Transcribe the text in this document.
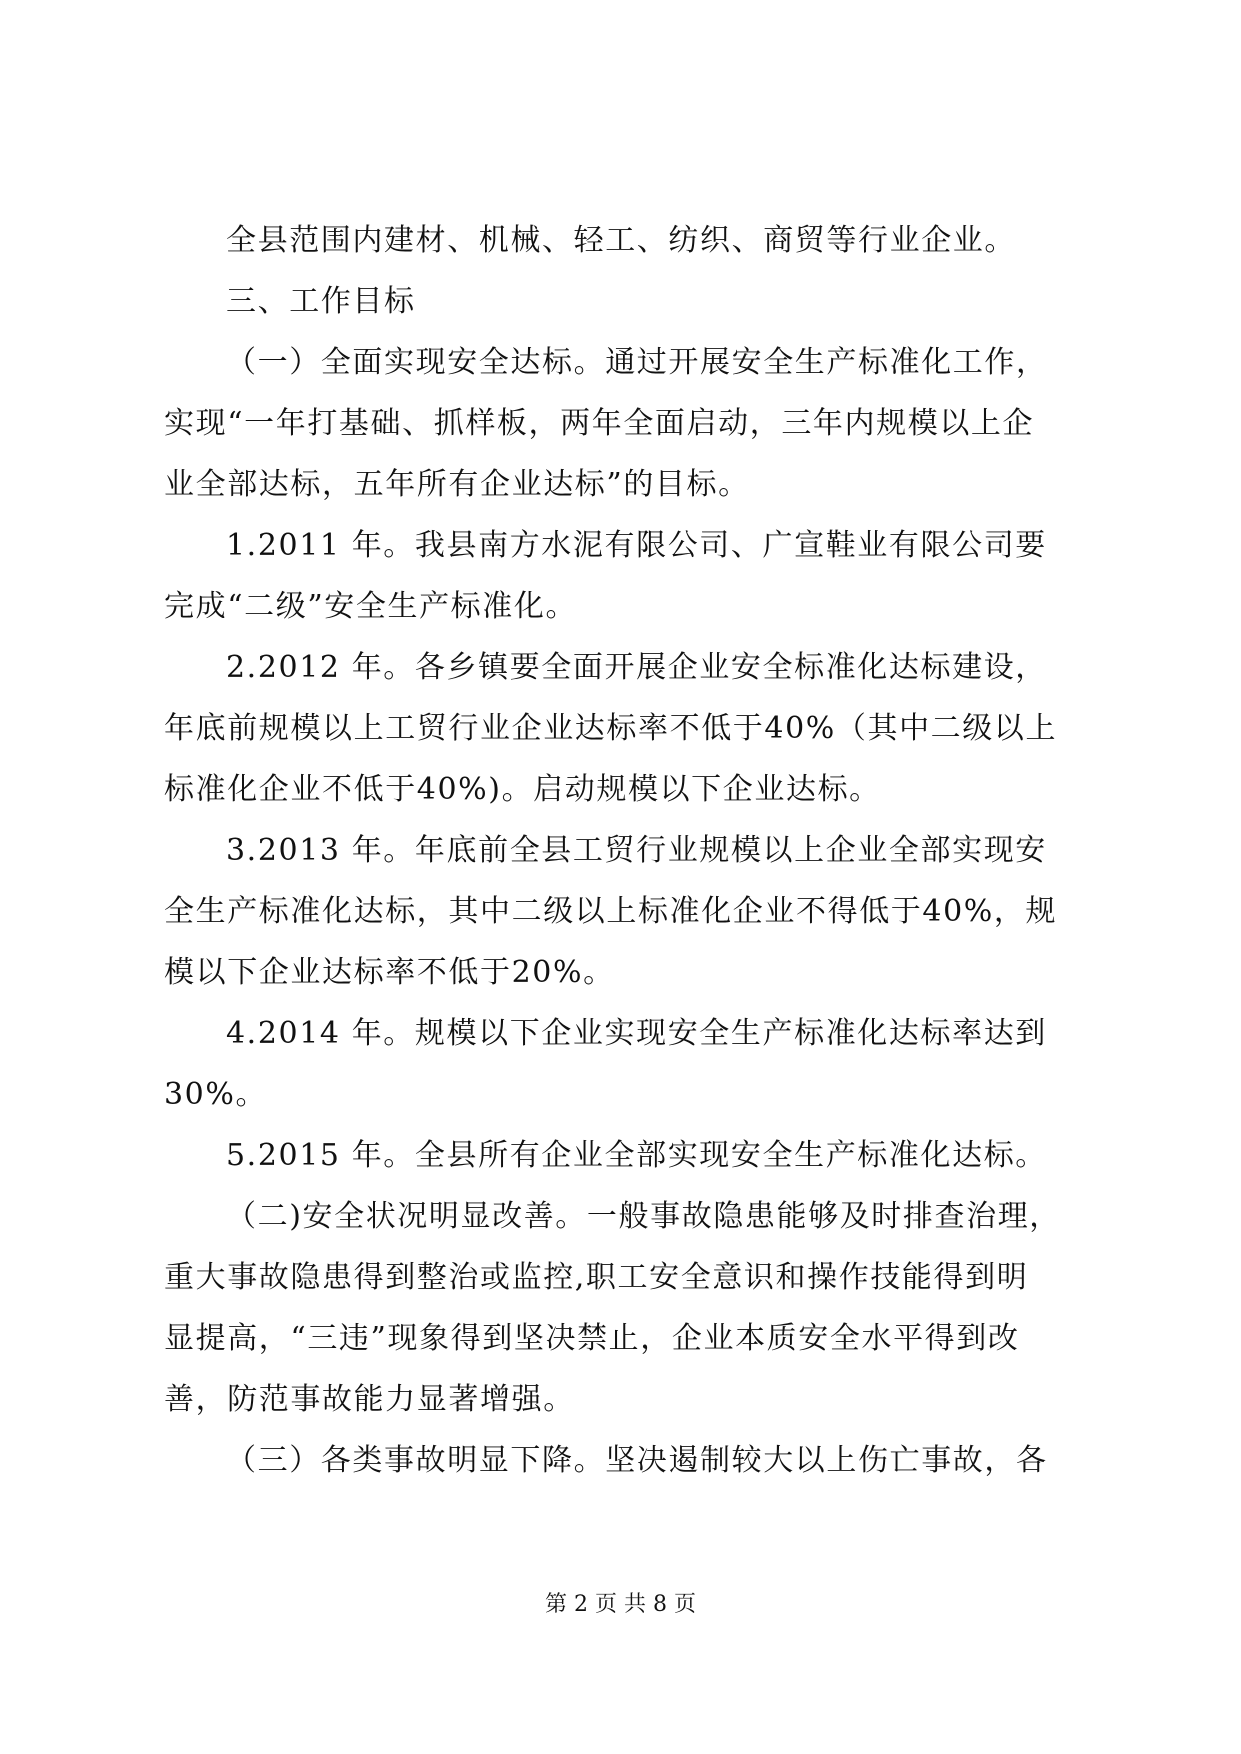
全县范围内建材、机械、轻工、纺织、商贸等行业企业。
三、工作目标
（一）全面实现安全达标。通过开展安全生产标准化工作，
实现“一年打基础、抓样板，两年全面启动，三年内规模以上企
业全部达标，五年所有企业达标”的目标。
1.2011 年。我县南方水泥有限公司、广宣鞋业有限公司要
完成“二级”安全生产标准化。
2.2012 年。各乡镇要全面开展企业安全标准化达标建设，
年底前规模以上工贸行业企业达标率不低于40%（其中二级以上
标准化企业不低于40%)。启动规模以下企业达标。
3.2013 年。年底前全县工贸行业规模以上企业全部实现安
全生产标准化达标，其中二级以上标准化企业不得低于40%，规
模以下企业达标率不低于20%。
4.2014 年。规模以下企业实现安全生产标准化达标率达到
30%。
5.2015 年。全县所有企业全部实现安全生产标准化达标。
（二)安全状况明显改善。一般事故隐患能够及时排查治理，
重大事故隐患得到整治或监控,职工安全意识和操作技能得到明
显提高，“三违”现象得到坚决禁止，企业本质安全水平得到改
善，防范事故能力显著增强。
（三）各类事故明显下降。坚决遏制较大以上伤亡事故，各
第 2 页 共 8 页
